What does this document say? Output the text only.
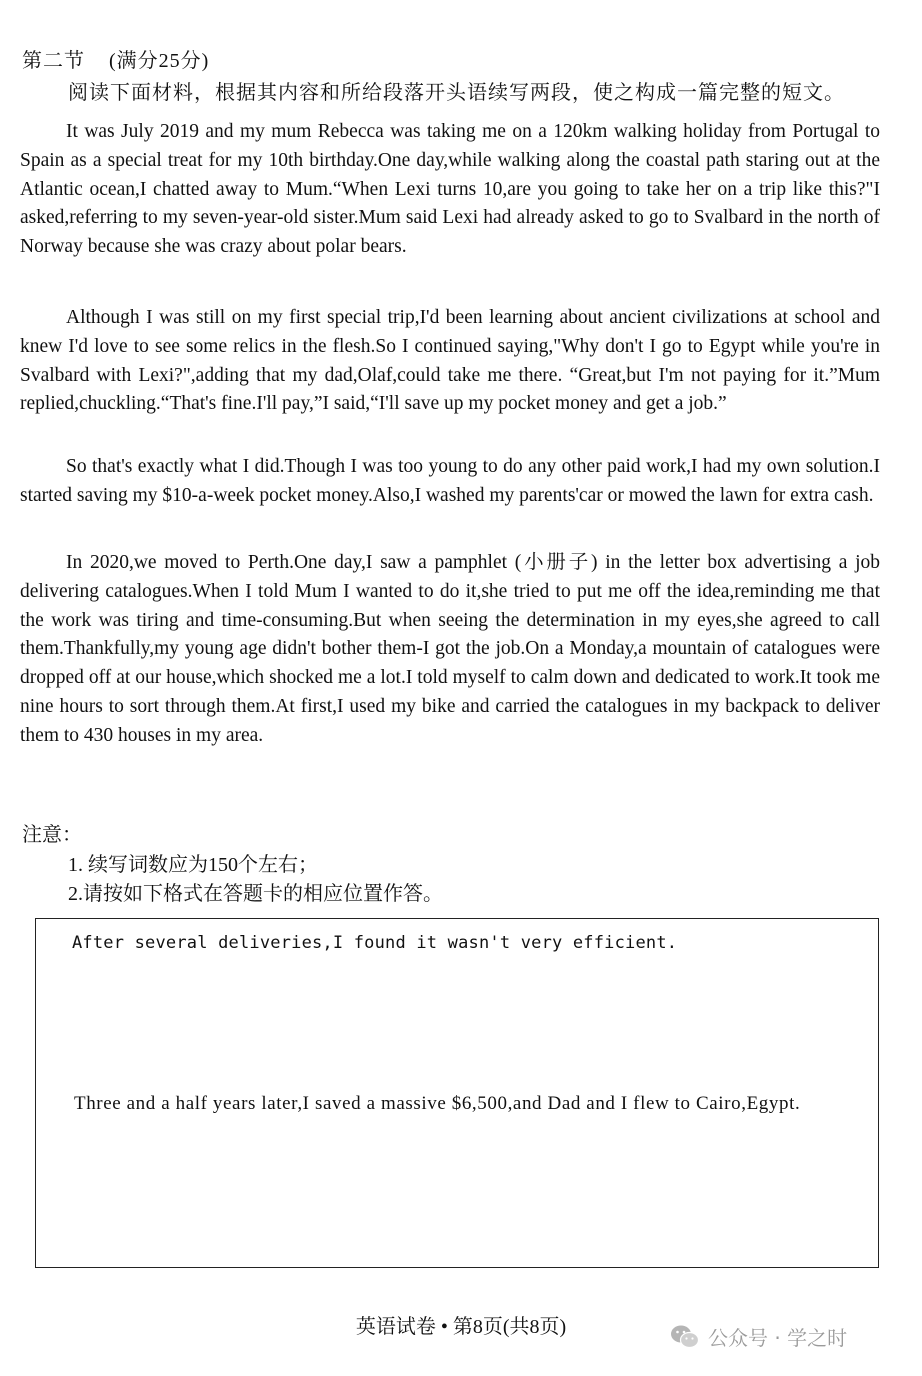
第二节 (满分25分)
阅读下面材料，根据其内容和所给段落开头语续写两段，使之构成一篇完整的短文。
It was July 2019 and my mum Rebecca was taking me on a 120km walking holiday from Portugal to Spain as a special treat for my 10th birthday.One day,while walking along the coastal path staring out at the Atlantic ocean,I chatted away to Mum.“When Lexi turns 10,are you going to take her on a trip like this?"I asked,referring to my seven-year-old sister.Mum said Lexi had already asked to go to Svalbard in the north of Norway because she was crazy about polar bears.
Although I was still on my first special trip,I'd been learning about ancient civilizations at school and knew I'd love to see some relics in the flesh.So I continued saying,"Why don't I go to Egypt while you're in Svalbard with Lexi?",adding that my dad,Olaf,could take me there. “Great,but I'm not paying for it.”Mum replied,chuckling.“That's fine.I'll pay,”I said,“I'll save up my pocket money and get a job.”
So that's exactly what I did.Though I was too young to do any other paid work,I had my own solution.I started saving my $10-a-week pocket money.Also,I washed my parents'car or mowed the lawn for extra cash.
In 2020,we moved to Perth.One day,I saw a pamphlet (小册子) in the letter box advertising a job delivering catalogues.When I told Mum I wanted to do it,she tried to put me off the idea,reminding me that the work was tiring and time-consuming.But when seeing the determination in my eyes,she agreed to call them.Thankfully,my young age didn't bother them-I got the job.On a Monday,a mountain of catalogues were dropped off at our house,which shocked me a lot.I told myself to calm down and dedicated to work.It took me nine hours to sort through them.At first,I used my bike and carried the catalogues in my backpack to deliver them to 430 houses in my area.
注意：
1. 续写词数应为150个左右；
2.请按如下格式在答题卡的相应位置作答。
After several deliveries,I found it wasn't very efficient.
Three and a half years later,I saved a massive $6,500,and Dad and I flew to Cairo,Egypt.
英语试卷 • 第8页(共8页)	公众号 · 学之时
